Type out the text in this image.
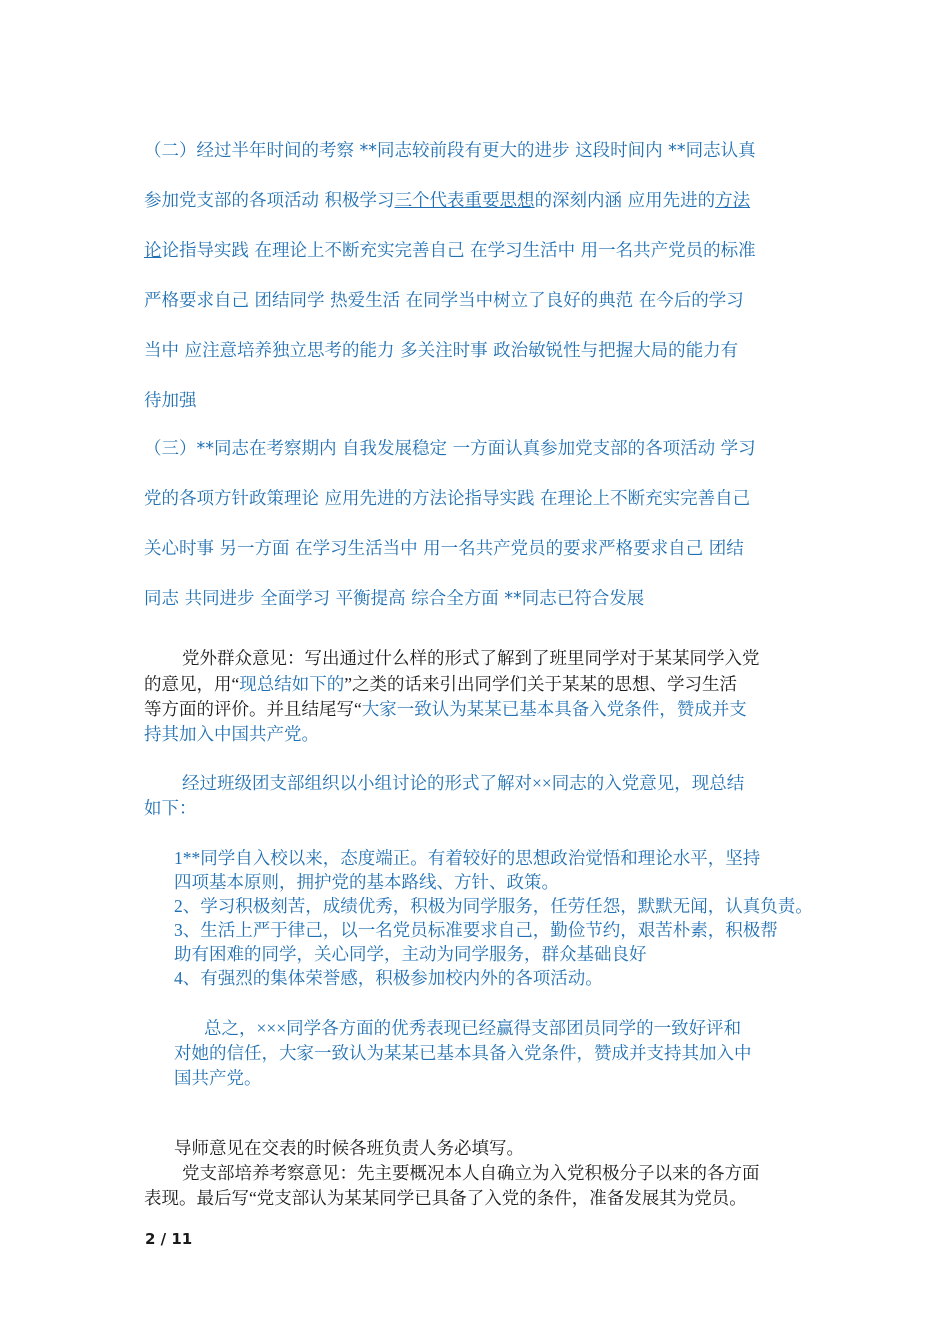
（二）经过半年时间的考察 **同志较前段有更大的进步 这段时间内 **同志认真
参加党支部的各项活动 积极学习三个代表重要思想的深刻内涵 应用先进的方法
论论指导实践 在理论上不断充实完善自己 在学习生活中 用一名共产党员的标准
严格要求自己 团结同学 热爱生活 在同学当中树立了良好的典范 在今后的学习
当中 应注意培养独立思考的能力 多关注时事 政治敏锐性与把握大局的能力有
待加强
（三）**同志在考察期内 自我发展稳定 一方面认真参加党支部的各项活动 学习
党的各项方针政策理论 应用先进的方法论指导实践 在理论上不断充实完善自己
关心时事 另一方面 在学习生活当中 用一名共产党员的要求严格要求自己 团结
同志 共同进步 全面学习 平衡提高 综合全方面 **同志已符合发展
党外群众意见：写出通过什么样的形式了解到了班里同学对于某某同学入党
的意见，用“现总结如下的”之类的话来引出同学们关于某某的思想、学习生活
等方面的评价。并且结尾写“大家一致认为某某已基本具备入党条件，赞成并支
持其加入中国共产党。
经过班级团支部组织以小组讨论的形式了解对××同志的入党意见，现总结
如下：
1**同学自入校以来，态度端正。有着较好的思想政治觉悟和理论水平，坚持
四项基本原则，拥护党的基本路线、方针、政策。
2、学习积极刻苦，成绩优秀，积极为同学服务，任劳任怨，默默无闻，认真负责。
3、生活上严于律己，以一名党员标准要求自己，勤俭节约，艰苦朴素，积极帮
助有困难的同学，关心同学，主动为同学服务，群众基础良好
4、有强烈的集体荣誉感，积极参加校内外的各项活动。
总之，×××同学各方面的优秀表现已经赢得支部团员同学的一致好评和
对她的信任，大家一致认为某某已基本具备入党条件，赞成并支持其加入中
国共产党。
导师意见在交表的时候各班负责人务必填写。
党支部培养考察意见：先主要概况本人自确立为入党积极分子以来的各方面
表现。最后写“党支部认为某某同学已具备了入党的条件，准备发展其为党员。
2 / 11
